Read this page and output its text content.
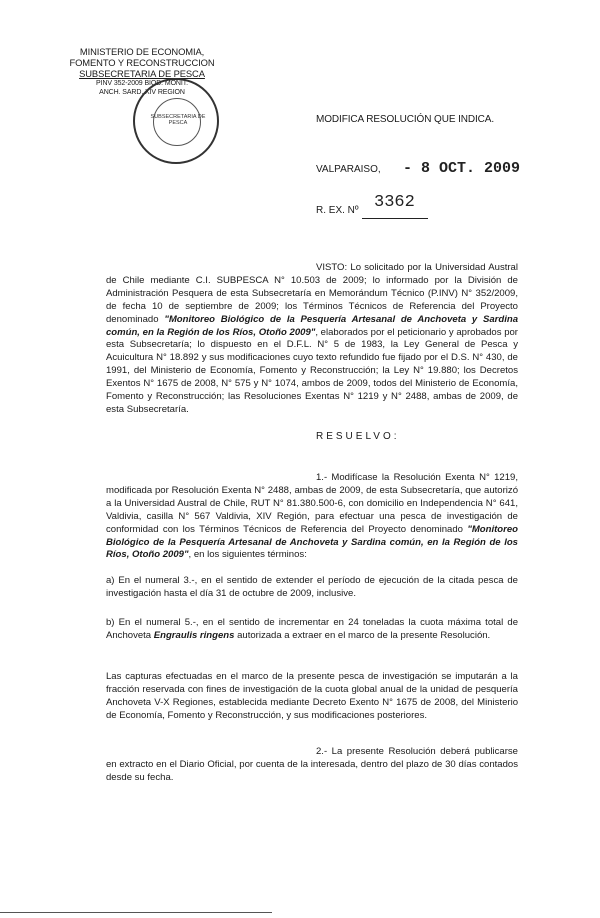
MINISTERIO DE ECONOMIA,
FOMENTO Y RECONSTRUCCION
SUBSECRETARIA DE PESCA
PINV 352-2009 BIOD. MONIT.
ANCH. SARD. XIV REGION
SUBSECRETARIA DE PESCA	MODIFICA RESOLUCIÓN QUE INDICA.
VALPARAISO, - 8 OCT. 2009
R. EX. Nº 3362
VISTO: Lo solicitado por la Universidad Austral de Chile mediante C.I. SUBPESCA N° 10.503 de 2009; lo informado por la División de Administración Pesquera de esta Subsecretaría en Memorándum Técnico (P.INV) N° 352/2009, de fecha 10 de septiembre de 2009; los Términos Técnicos de Referencia del Proyecto denominado "Monitoreo Biológico de la Pesquería Artesanal de Anchoveta y Sardina común, en la Región de los Ríos, Otoño 2009", elaborados por el peticionario y aprobados por esta Subsecretaría; lo dispuesto en el D.F.L. N° 5 de 1983, la Ley General de Pesca y Acuicultura N° 18.892 y sus modificaciones cuyo texto refundido fue fijado por el D.S. N° 430, de 1991, del Ministerio de Economía, Fomento y Reconstrucción; la Ley N° 19.880; los Decretos Exentos N° 1675 de 2008, N° 575 y N° 1074, ambos de 2009, todos del Ministerio de Economía, Fomento y Reconstrucción; las Resoluciones Exentas N° 1219 y N° 2488, ambas de 2009, de esta Subsecretaría.
RESUELVO:
1.- Modifícase la Resolución Exenta N° 1219, modificada por Resolución Exenta N° 2488, ambas de 2009, de esta Subsecretaría, que autorizó a la Universidad Austral de Chile, RUT N° 81.380.500-6, con domicilio en Independencia N° 641, Valdivia, casilla N° 567 Valdivia, XIV Región, para efectuar una pesca de investigación de conformidad con los Términos Técnicos de Referencia del Proyecto denominado "Monitoreo Biológico de la Pesquería Artesanal de Anchoveta y Sardina común, en la Región de los Ríos, Otoño 2009", en los siguientes términos:
a) En el numeral 3.-, en el sentido de extender el período de ejecución de la citada pesca de investigación hasta el día 31 de octubre de 2009, inclusive.
b) En el numeral 5.-, en el sentido de incrementar en 24 toneladas la cuota máxima total de Anchoveta Engraulis ringens autorizada a extraer en el marco de la presente Resolución.
Las capturas efectuadas en el marco de la presente pesca de investigación se imputarán a la fracción reservada con fines de investigación de la cuota global anual de la unidad de pesquería Anchoveta V-X Regiones, establecida mediante Decreto Exento N° 1675 de 2008, del Ministerio de Economía, Fomento y Reconstrucción, y sus modificaciones posteriores.
2.- La presente Resolución deberá publicarse en extracto en el Diario Oficial, por cuenta de la interesada, dentro del plazo de 30 días contados desde su fecha.
